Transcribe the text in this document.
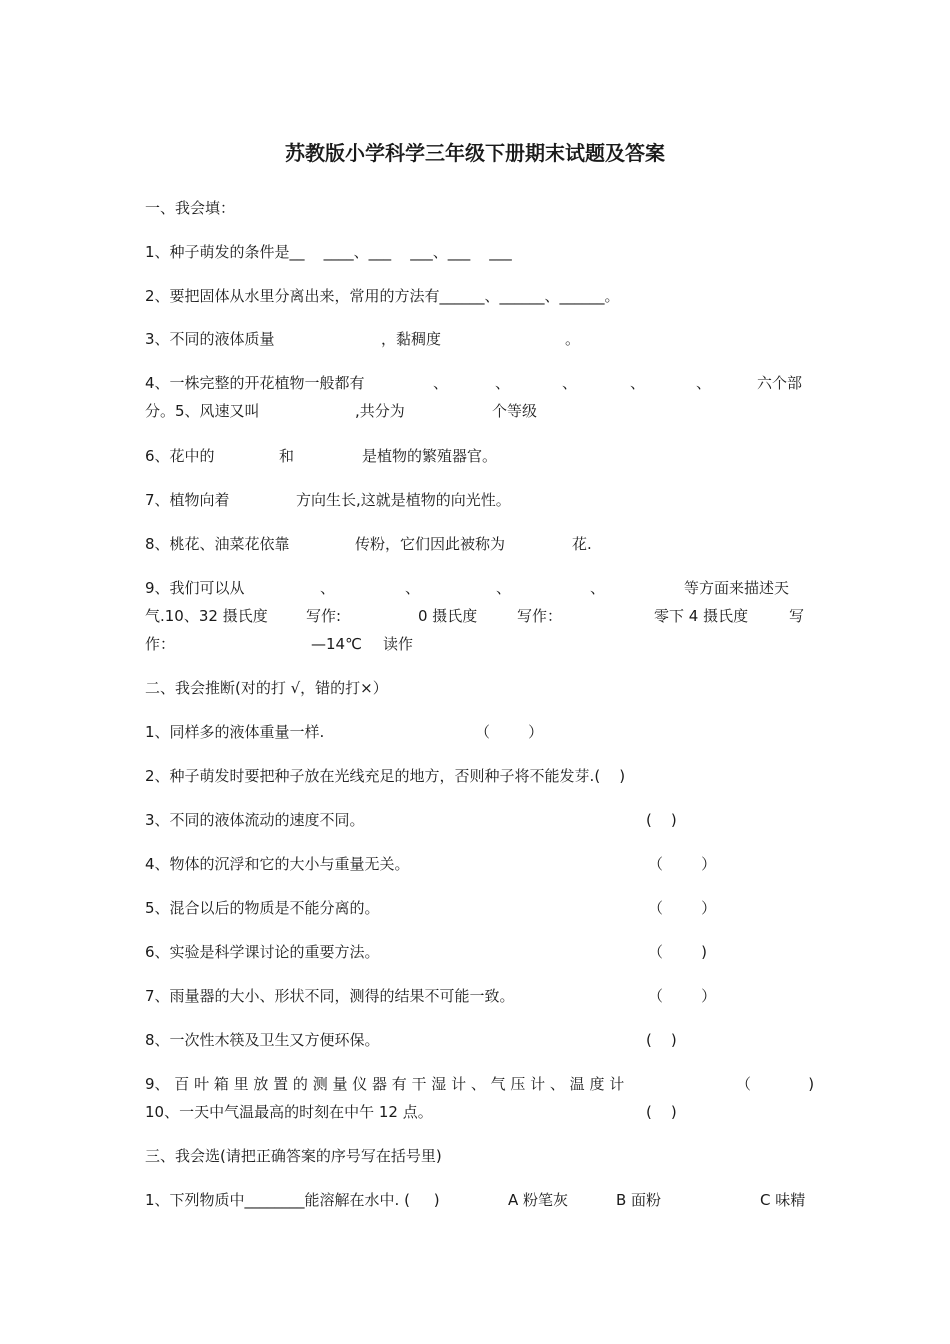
苏教版小学科学三年级下册期末试题及答案
一、我会填：
1、种子萌发的条件是__    ____、___    ___、___    ___
2、要把固体从水里分离出来，常用的方法有______、______、______。
3、不同的液体质量	，黏稠度	。
4、一株完整的开花植物一般都有	、	、	、	、	、	六个部
分。5、风速又叫	,共分为	个等级
6、花中的	和	是植物的繁殖器官。
7、植物向着	方向生长,这就是植物的向光性。
8、桃花、油菜花依靠	传粉，它们因此被称为	花.
9、我们可以从	、	、	、	、	等方面来描述天
气.10、32 摄氏度	写作:	0 摄氏度	写作：	零下 4 摄氏度	写
作：	—14℃ 读作
二、我会推断(对的打 √，错的打×）
1、同样多的液体重量一样.	（        ）
2、种子萌发时要把种子放在光线充足的地方，否则种子将不能发芽.(    )
3、不同的液体流动的速度不同。	(    )
4、物体的沉浮和它的大小与重量无关。	（        ）
5、混合以后的物质是不能分离的。	（        ）
6、实验是科学课讨论的重要方法。	（        )
7、雨量器的大小、形状不同，测得的结果不可能一致。	（        ）
8、一次性木筷及卫生又方便环保。	(    )
9、 百 叶 箱 里 放 置 的 测 量 仪 器 有 干 湿 计 、 气 压 计 、 温 度 计	（            )
10、一天中气温最高的时刻在中午 12 点。	(    )
三、我会选(请把正确答案的序号写在括号里)
1、下列物质中________能溶解在水中. (     )	A 粉笔灰	B 面粉	C 味精
